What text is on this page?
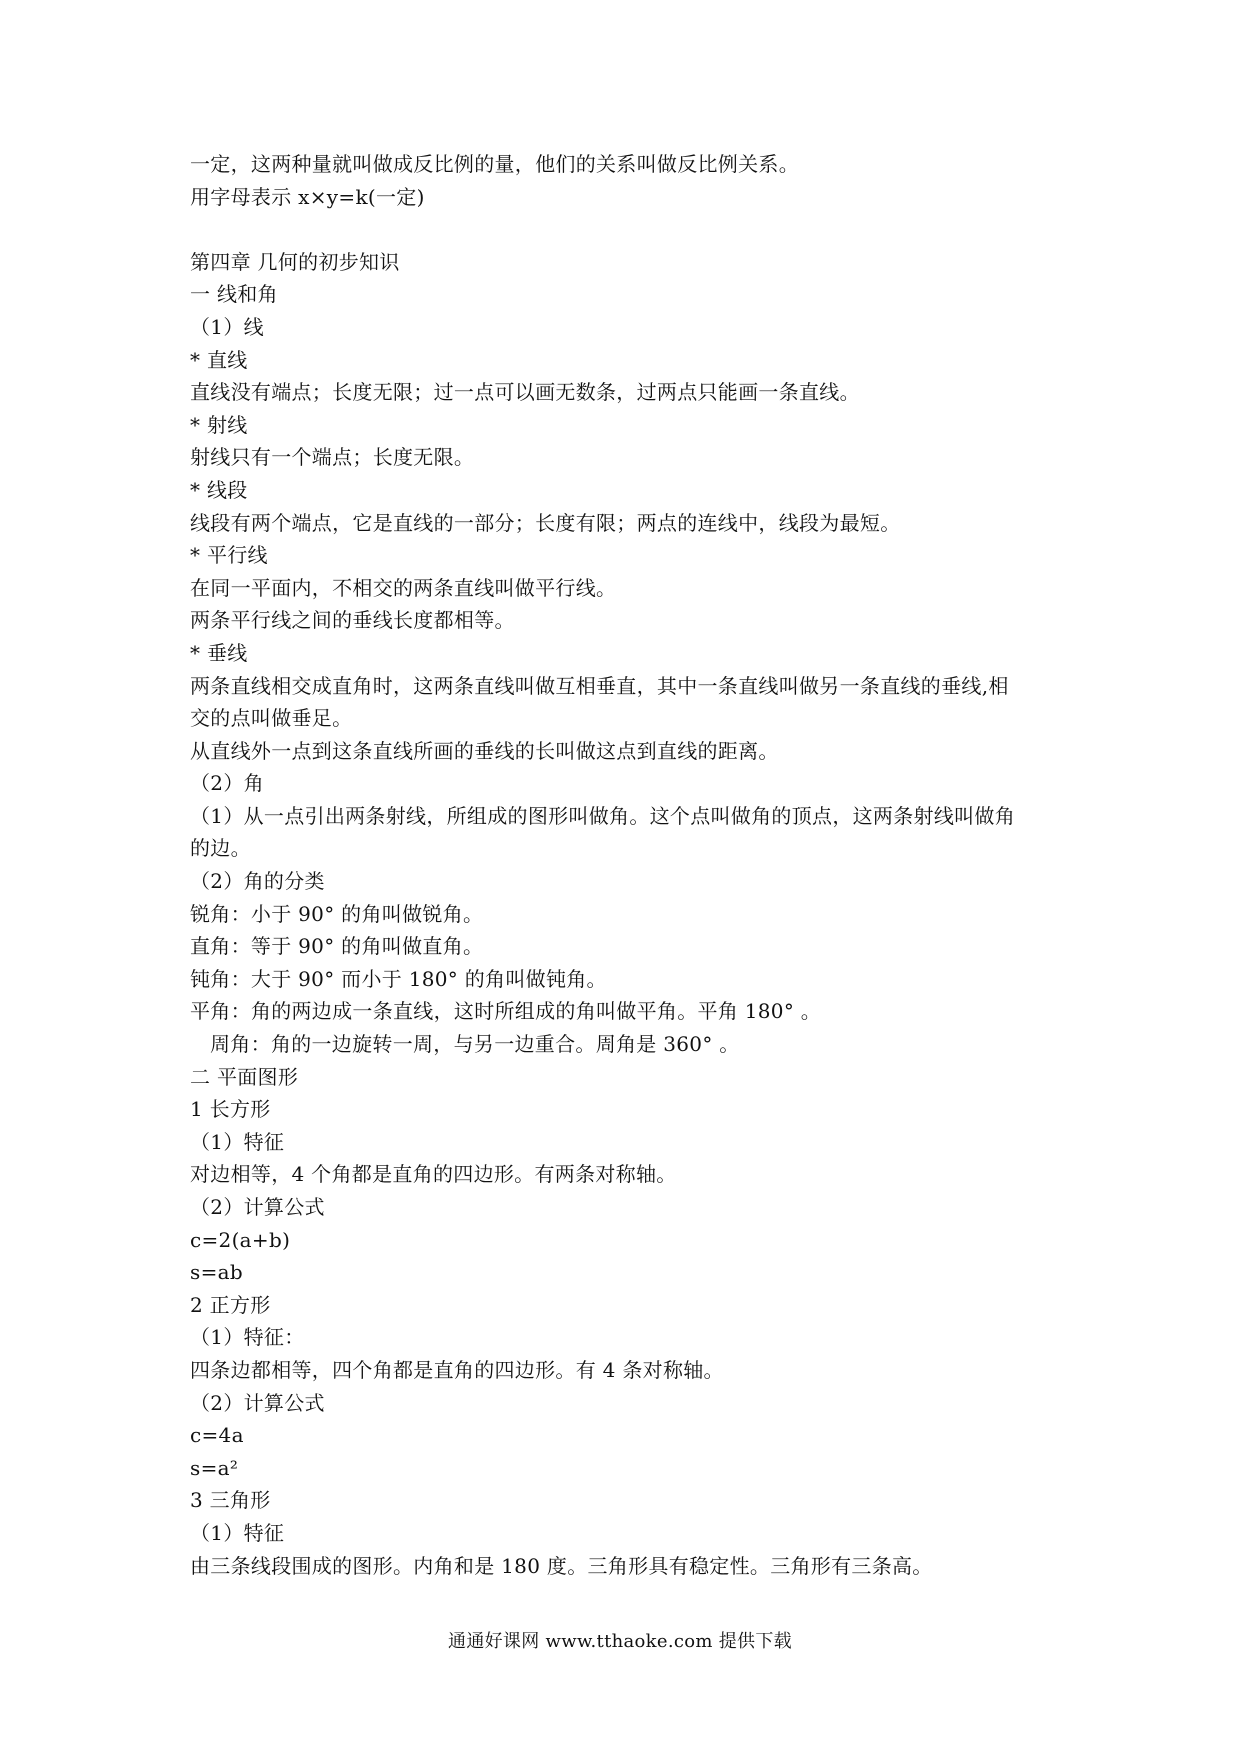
一定，这两种量就叫做成反比例的量，他们的关系叫做反比例关系。
用字母表示 x×y=k(一定)
第四章 几何的初步知识
一 线和角
（1）线
* 直线
直线没有端点；长度无限；过一点可以画无数条，过两点只能画一条直线。
* 射线
射线只有一个端点；长度无限。
* 线段
线段有两个端点，它是直线的一部分；长度有限；两点的连线中，线段为最短。
* 平行线
在同一平面内，不相交的两条直线叫做平行线。
两条平行线之间的垂线长度都相等。
* 垂线
两条直线相交成直角时，这两条直线叫做互相垂直，其中一条直线叫做另一条直线的垂线,相
交的点叫做垂足。
从直线外一点到这条直线所画的垂线的长叫做这点到直线的距离。
（2）角
（1）从一点引出两条射线，所组成的图形叫做角。这个点叫做角的顶点，这两条射线叫做角
的边。
（2）角的分类
锐角：小于 90° 的角叫做锐角。
直角：等于 90° 的角叫做直角。
钝角：大于 90° 而小于 180° 的角叫做钝角。
平角：角的两边成一条直线，这时所组成的角叫做平角。平角 180° 。
周角：角的一边旋转一周，与另一边重合。周角是 360° 。
二 平面图形
1 长方形
（1）特征
对边相等，4 个角都是直角的四边形。有两条对称轴。
（2）计算公式
c=2(a+b)
s=ab
2 正方形
（1）特征：
四条边都相等，四个角都是直角的四边形。有 4 条对称轴。
（2）计算公式
c=4a
s=a²
3 三角形
（1）特征
由三条线段围成的图形。内角和是 180 度。三角形具有稳定性。三角形有三条高。
通通好课网 www.tthaoke.com 提供下载
